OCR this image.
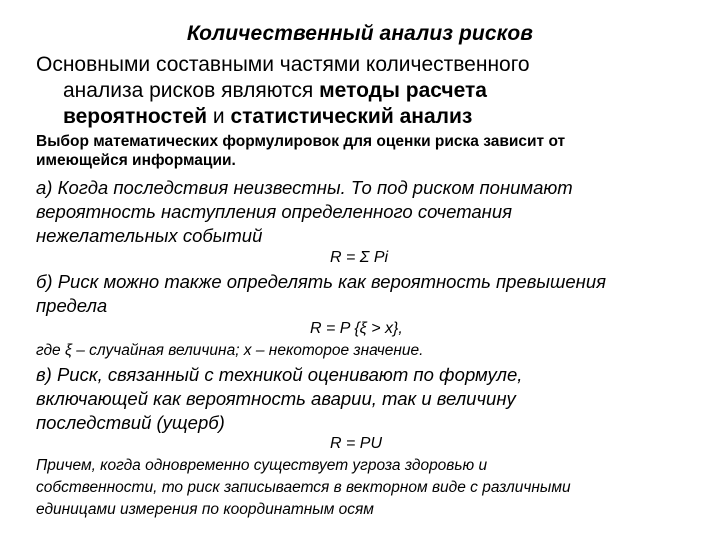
Количественный анализ рисков
Основными составными частями количественного
анализа рисков являются методы расчета
вероятностей и статистический анализ
Выбор математических формулировок для оценки риска зависит от
имеющейся информации.
а) Когда последствия неизвестны. То под риском понимают
вероятность наступления определенного сочетания
нежелательных событий
R = Σ Pi
б) Риск можно также определять как вероятность превышения
предела
R = P {ξ > x},
где ξ – случайная величина; x – некоторое значение.
в) Риск, связанный с техникой оценивают по формуле,
включающей как вероятность аварии, так и величину
последствий (ущерб)
R = PU
Причем, когда одновременно существует угроза здоровью и
собственности, то риск записывается в векторном виде с различными
единицами измерения по координатным осям
